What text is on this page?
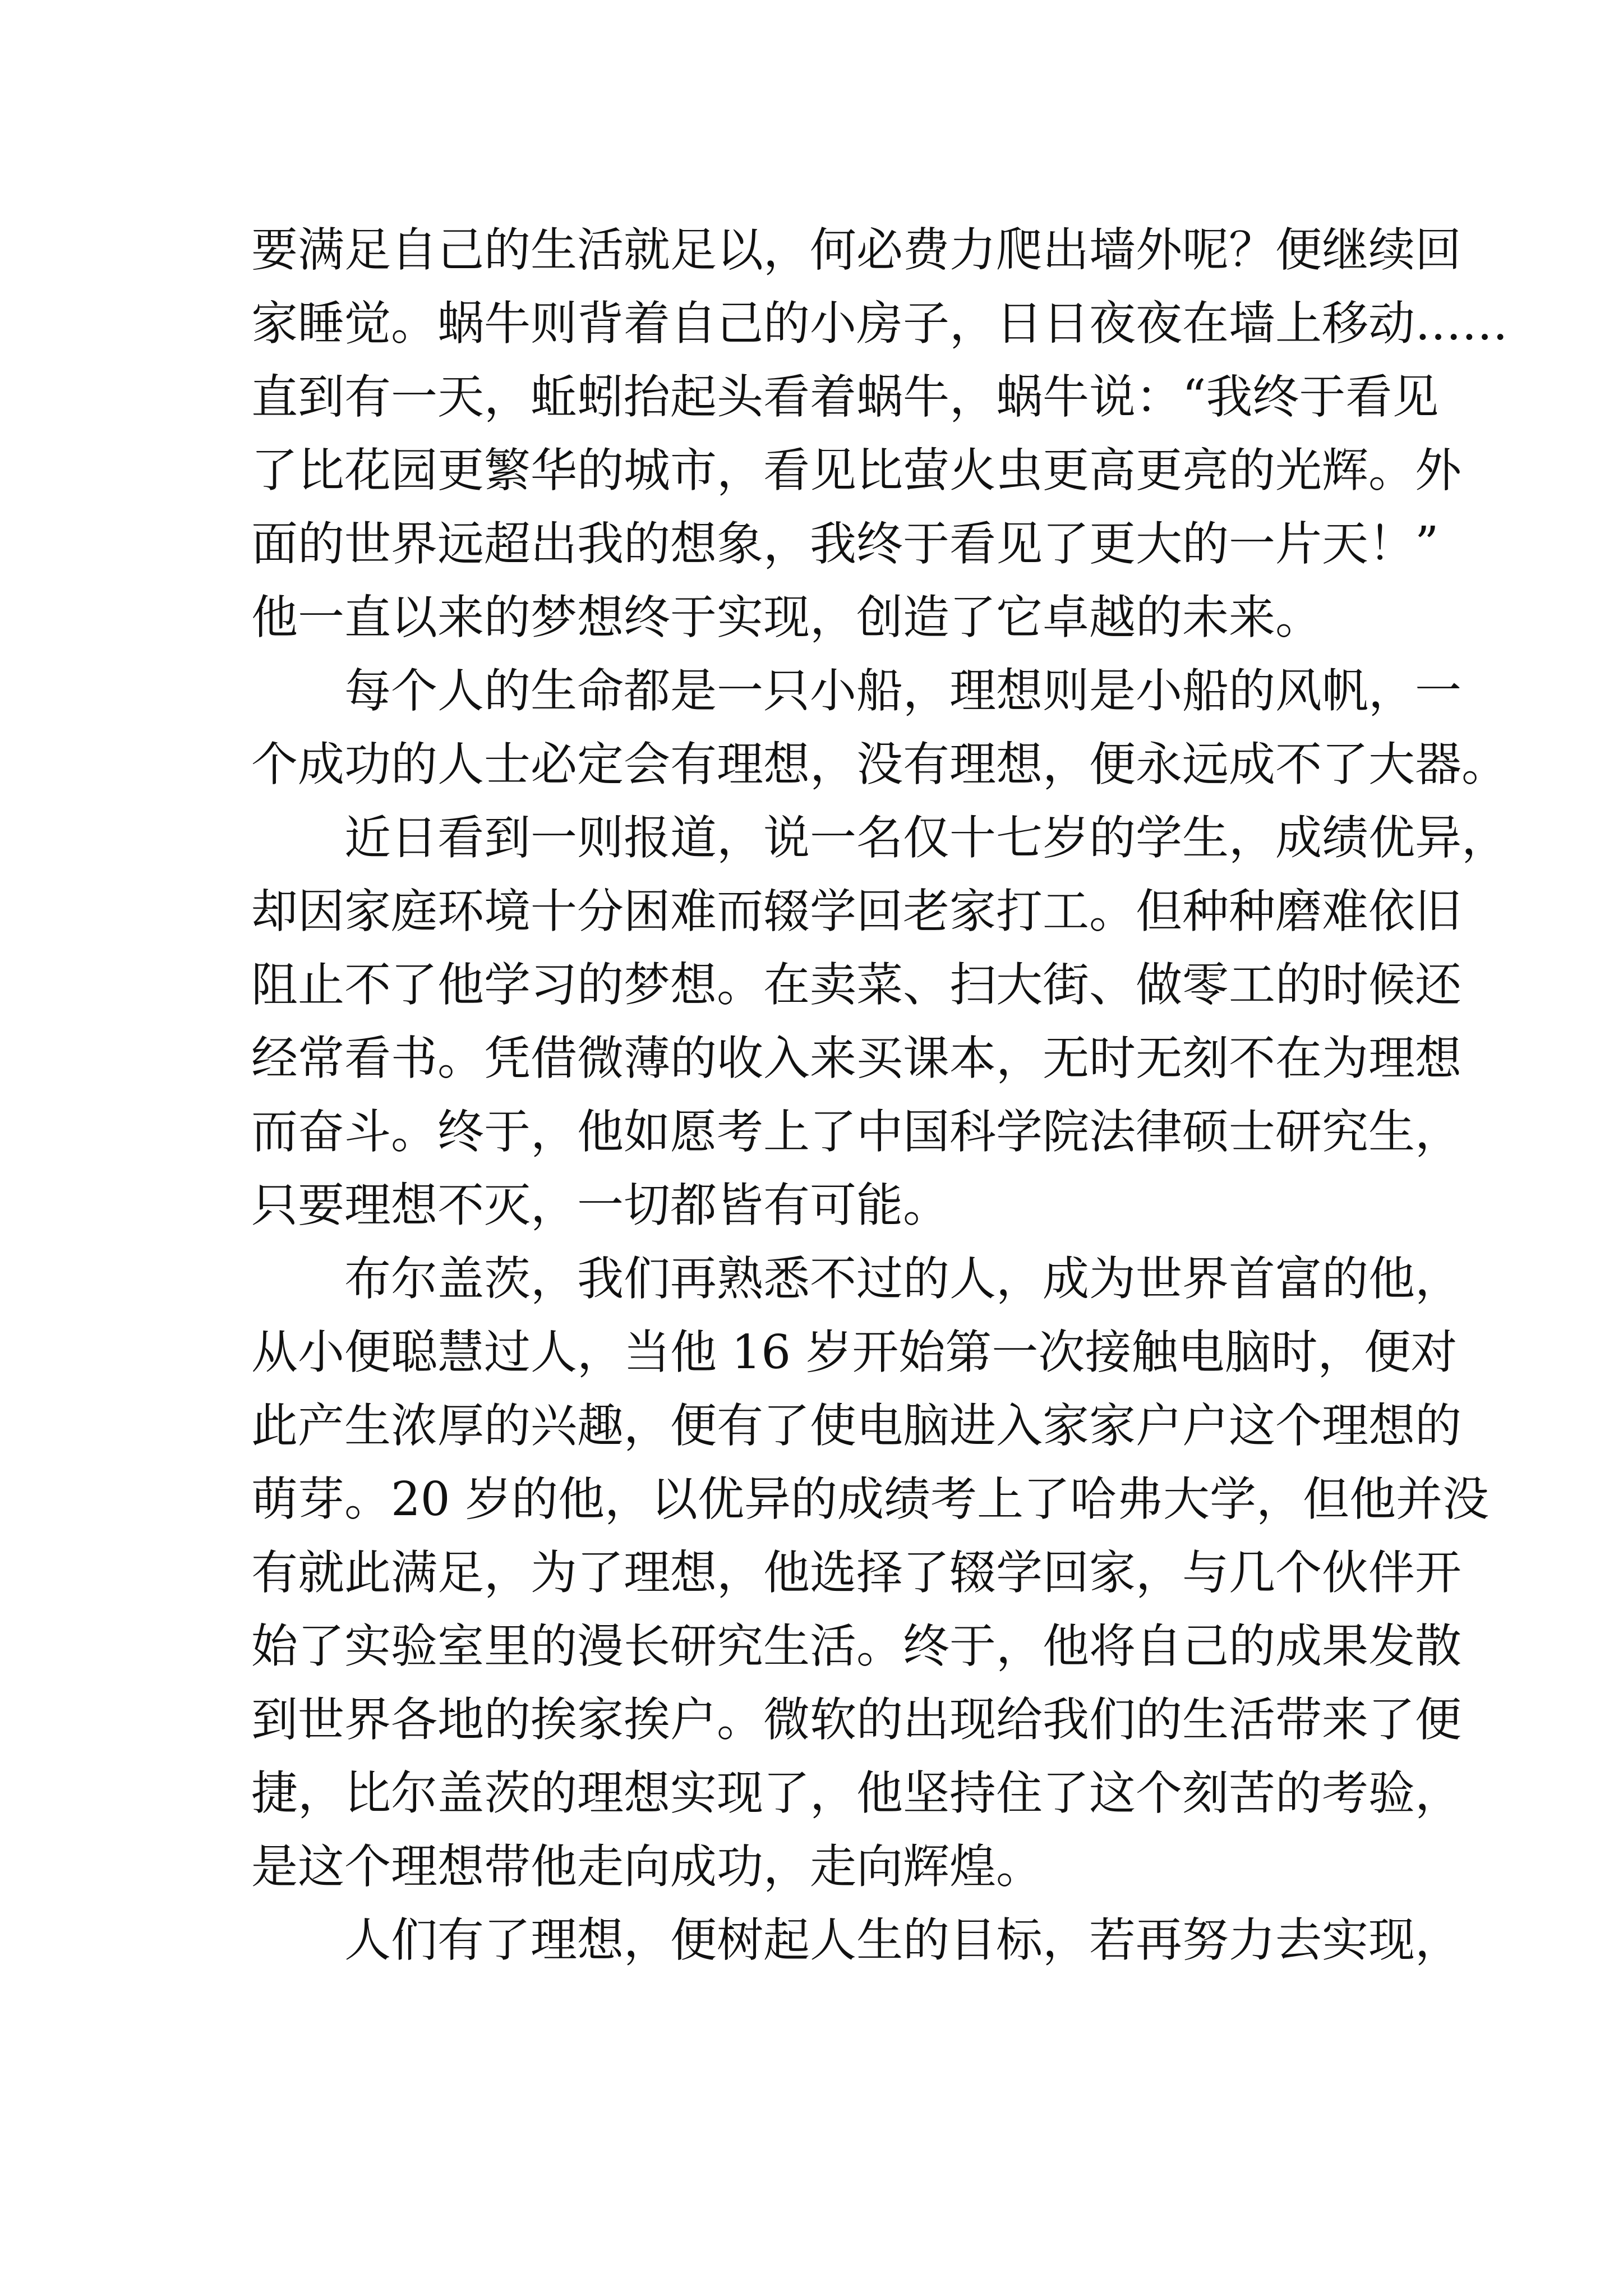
要满足自己的生活就足以，何必费力爬出墙外呢？便继续回
家睡觉。蜗牛则背着自己的小房子，日日夜夜在墙上移动……
直到有一天，蚯蚓抬起头看着蜗牛，蜗牛说：“我终于看见
了比花园更繁华的城市，看见比萤火虫更高更亮的光辉。外
面的世界远超出我的想象，我终于看见了更大的一片天！”
他一直以来的梦想终于实现，创造了它卓越的未来。
每个人的生命都是一只小船，理想则是小船的风帆，一
个成功的人士必定会有理想，没有理想，便永远成不了大器。
近日看到一则报道，说一名仅十七岁的学生，成绩优异，
却因家庭环境十分困难而辍学回老家打工。但种种磨难依旧
阻止不了他学习的梦想。在卖菜、扫大街、做零工的时候还
经常看书。凭借微薄的收入来买课本，无时无刻不在为理想
而奋斗。终于，他如愿考上了中国科学院法律硕士研究生，
只要理想不灭，一切都皆有可能。
布尔盖茨，我们再熟悉不过的人，成为世界首富的他，
从小便聪慧过人，当他 16 岁开始第一次接触电脑时，便对
此产生浓厚的兴趣，便有了使电脑进入家家户户这个理想的
萌芽。20 岁的他，以优异的成绩考上了哈弗大学，但他并没
有就此满足，为了理想，他选择了辍学回家，与几个伙伴开
始了实验室里的漫长研究生活。终于，他将自己的成果发散
到世界各地的挨家挨户。微软的出现给我们的生活带来了便
捷，比尔盖茨的理想实现了，他坚持住了这个刻苦的考验，
是这个理想带他走向成功，走向辉煌。
人们有了理想，便树起人生的目标，若再努力去实现，
